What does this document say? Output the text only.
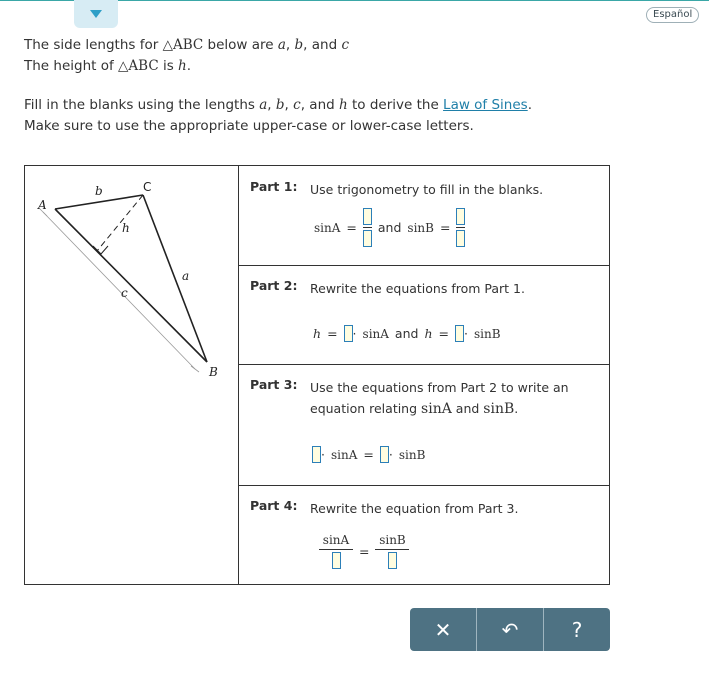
Español

The side lengths for △ABC below are a, b, and c

The height of △ABC is h.

Fill in the blanks using the lengths a, b, c, and h to derive the Law of Sines.

Make sure to use the appropriate upper-case or lower-case letters.

A
B
C
a
b
c
h
Part 1: Use trigonometry to fill in the blanks.
sinA = and sinB =
Part 2: Rewrite the equations from Part 1.
h = · sinA and h = · sinB
Part 3: Use the equations from Part 2 to write an equation relating sinA and sinB.
· sinA = · sinB
Part 4: Rewrite the equation from Part 3.
sinA
=
sinB
✕	↶	?
